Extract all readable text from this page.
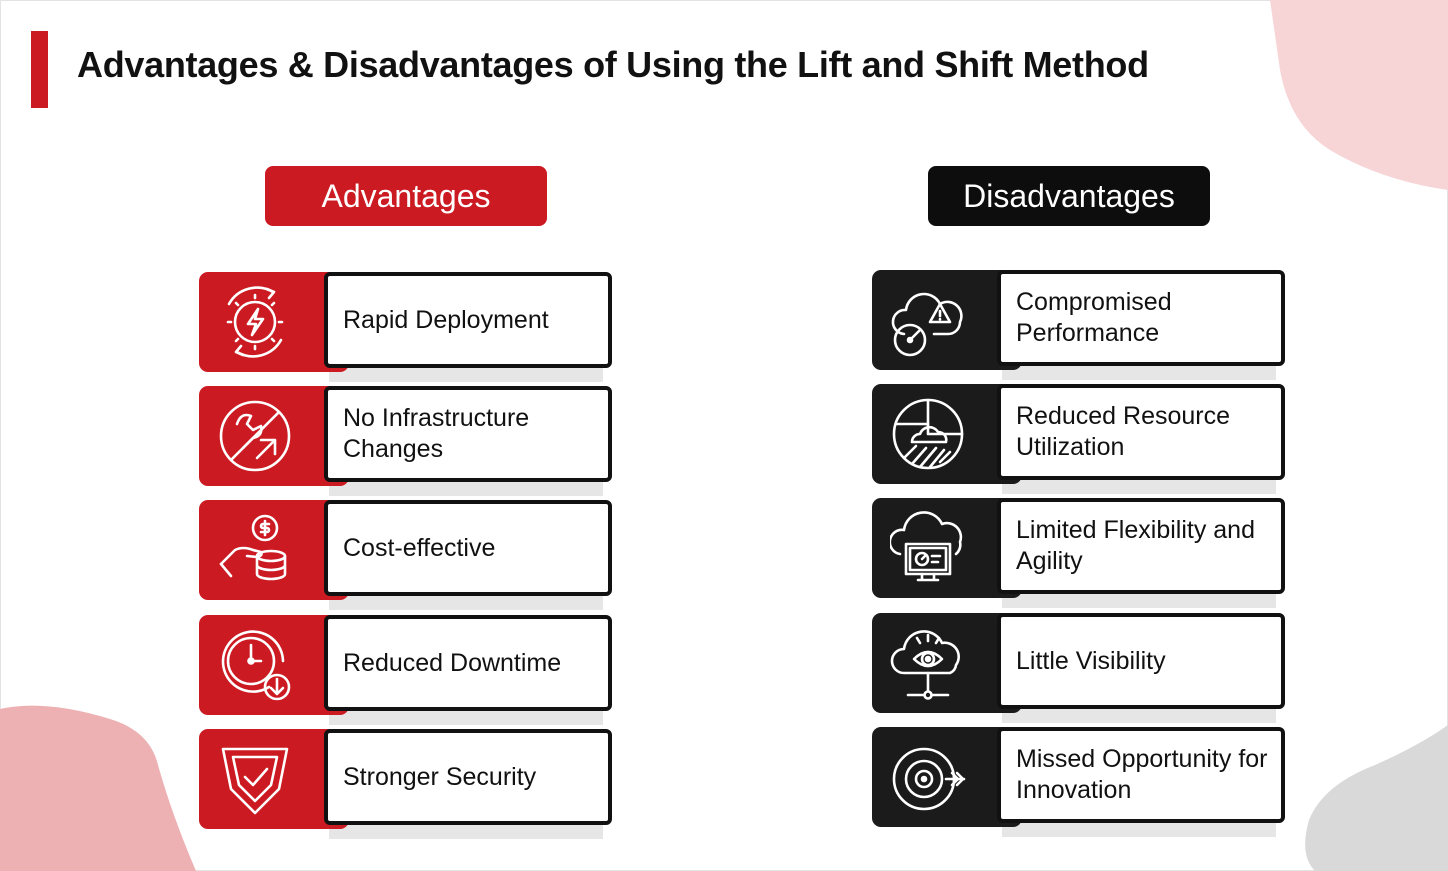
Advantages & Disadvantages of Using the Lift and Shift Method
Advantages	Disadvantages
Rapid Deployment
No Infrastructure Changes
Cost-effective
Reduced Downtime
Stronger Security
Compromised Performance
Reduced Resource Utilization
Limited Flexibility and Agility
Little Visibility
Missed Opportunity for Innovation
